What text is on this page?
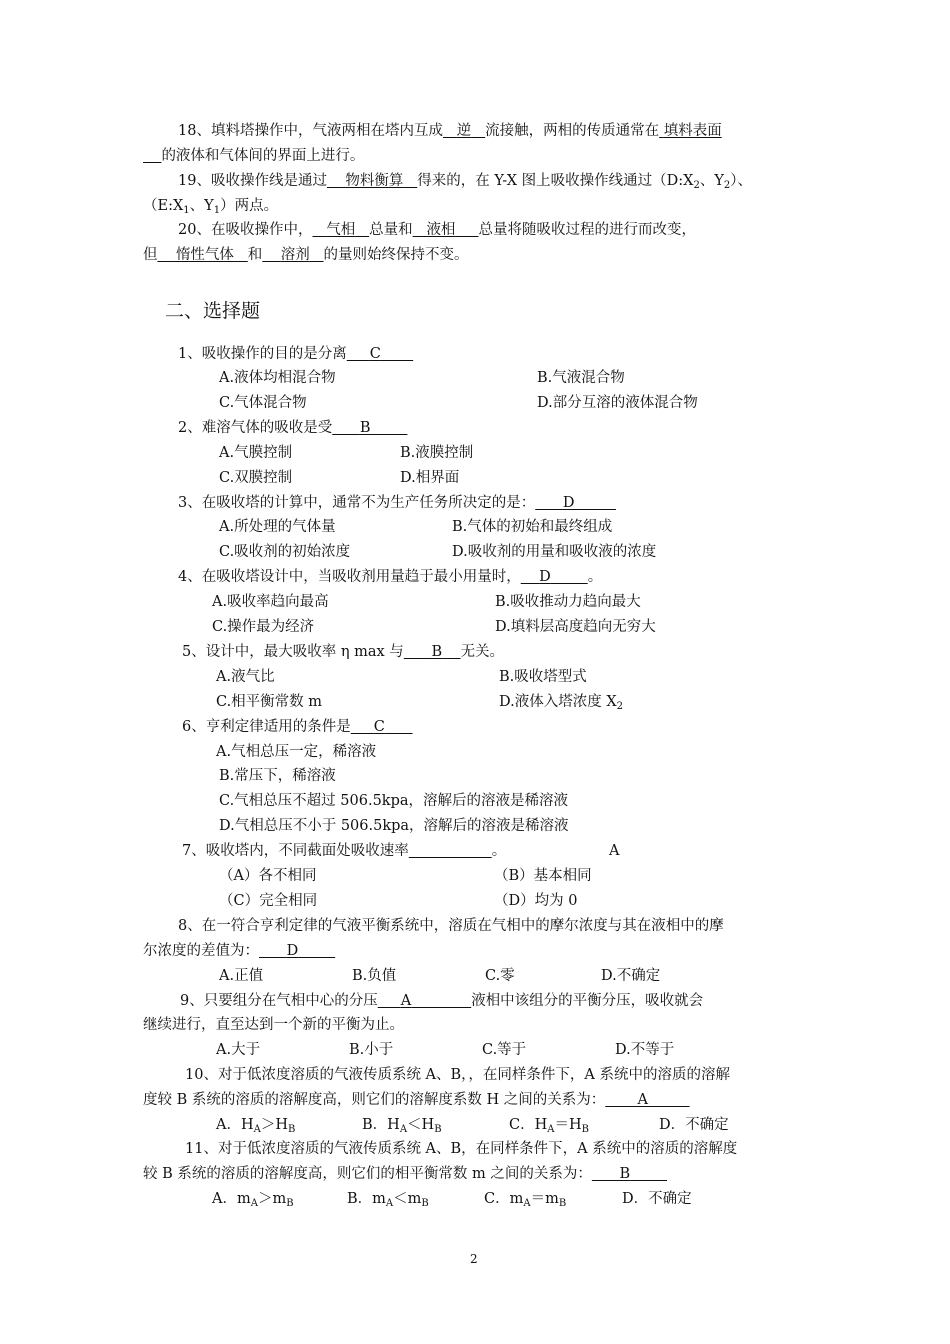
18、填料塔操作中，气液两相在塔内互成 逆 流接触，两相的传质通常在 填料表面
的液体和气体间的界面上进行。
19、吸收操作线是通过 物料衡算 得来的，在 Y-X 图上吸收操作线通过（$D:X_2$、$Y_2$）、
（$E:X_1$、$Y_1$）两点。
20、在吸收操作中， 气相 总量和 液相 总量将随吸收过程的进行而改变，
但 惰性气体 和 溶剂 的量则始终保持不变。
二、选择题
1、吸收操作的目的是分离 C
A.液体均相混合物	B.气液混合物
C.气体混合物	D.部分互溶的液体混合物
2、难溶气体的吸收是受 B
A.气膜控制	B.液膜控制
C.双膜控制	D.相界面
3、在吸收塔的计算中，通常不为生产任务所决定的是： D
A.所处理的气体量	B.气体的初始和最终组成
C.吸收剂的初始浓度	D.吸收剂的用量和吸收液的浓度
4、在吸收塔设计中，当吸收剂用量趋于最小用量时， D	。
A.吸收率趋向最高	B.吸收推动力趋向最大
C.操作最为经济	D.填料层高度趋向无穷大
5、设计中，最大吸收率 η max 与 B 无关。
A.液气比	B.吸收塔型式
C.相平衡常数 m	D.液体入塔浓度 $X_2$
6、亨利定律适用的条件是 C
A.气相总压一定，稀溶液
B.常压下，稀溶液
C.气相总压不超过 506.5kpa，溶解后的溶液是稀溶液
D.气相总压不小于 506.5kpa，溶解后的溶液是稀溶液
7、吸收塔内，不同截面处吸收速率	。	A
（A）各不相同	（B）基本相同
（C）完全相同	（D）均为 0
8、在一符合亨利定律的气液平衡系统中，溶质在气相中的摩尔浓度与其在液相中的摩
尔浓度的差值为： D
A.正值	B.负值	C.零	D.不确定
9、只要组分在气相中心的分压 A	液相中该组分的平衡分压，吸收就会
继续进行，直至达到一个新的平衡为止。
A.大于	B.小于	C.等于	D.不等于
10、对于低浓度溶质的气液传质系统 A、B，，在同样条件下，A 系统中的溶质的溶解
度较 B 系统的溶质的溶解度高，则它们的溶解度系数 H 之间的关系为： A
A．$H_A>H_B$	B．$H_A<H_B$	C．$H_A=H_B$	D．不确定
11、对于低浓度溶质的气液传质系统 A、B，在同样条件下，A 系统中的溶质的溶解度
较 B 系统的溶质的溶解度高，则它们的相平衡常数 m 之间的关系为： B
A．$m_A>m_B$	B．$m_A<m_B$	C．$m_A=m_B$	D．不确定
2
